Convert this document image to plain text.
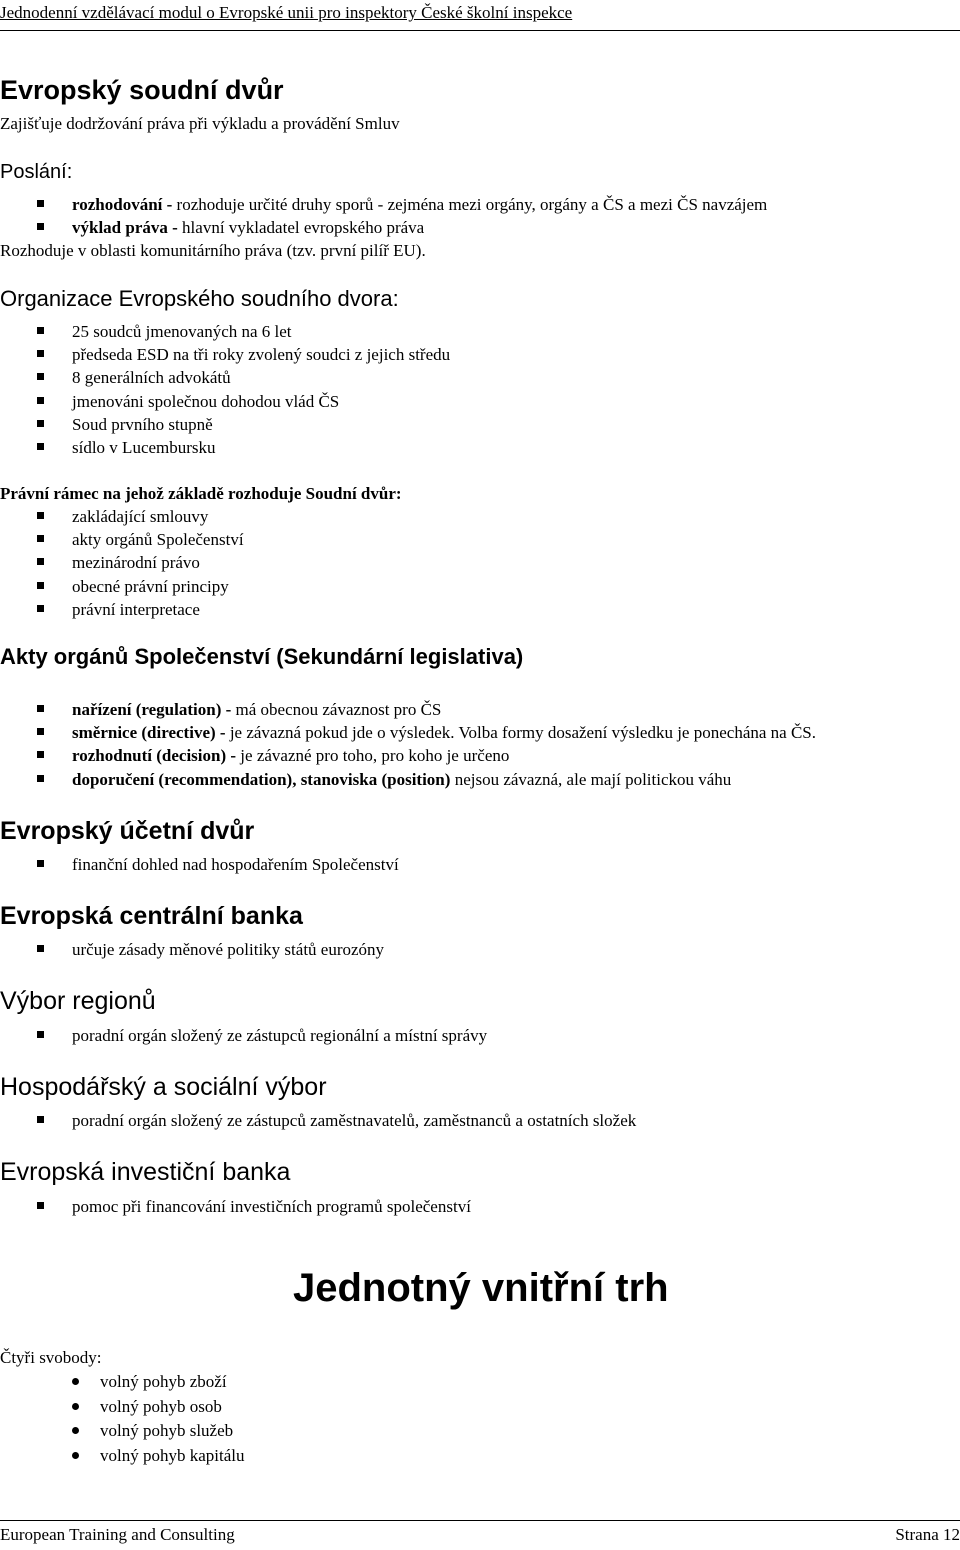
Jednodenní vzdělávací modul o Evropské unii pro inspektory České školní inspekce
Evropský soudní dvůr
Zajišťuje dodržování práva při výkladu a provádění Smluv
Poslání:
rozhodování - rozhoduje určité druhy sporů - zejména mezi orgány, orgány a ČS a mezi ČS navzájem
výklad práva - hlavní vykladatel evropského práva
Rozhoduje v oblasti komunitárního práva (tzv. první pilíř EU).
Organizace Evropského soudního dvora:
25 soudců jmenovaných na 6 let
předseda ESD na tři roky zvolený soudci z jejich středu
8 generálních advokátů
jmenováni společnou dohodou vlád ČS
Soud prvního stupně
sídlo v Lucembursku
Právní rámec na jehož základě rozhoduje Soudní dvůr:
zakládající smlouvy
akty orgánů Společenství
mezinárodní právo
obecné právní principy
právní interpretace
Akty orgánů Společenství (Sekundární legislativa)
nařízení (regulation) - má obecnou závaznost pro ČS
směrnice (directive) - je závazná pokud jde o výsledek. Volba formy dosažení výsledku je ponechána na ČS.
rozhodnutí (decision) - je závazné pro toho, pro koho je určeno
doporučení (recommendation), stanoviska (position) nejsou závazná, ale mají politickou váhu
Evropský účetní dvůr
finanční dohled nad hospodařením Společenství
Evropská centrální banka
určuje zásady měnové politiky států eurozóny
Výbor regionů
poradní orgán složený ze zástupců regionální a místní správy
Hospodářský a sociální výbor
poradní orgán složený ze zástupců zaměstnavatelů, zaměstnanců a ostatních složek
Evropská investiční banka
pomoc při financování investičních programů společenství
Jednotný vnitřní trh
Čtyři svobody:
volný pohyb zboží
volný pohyb osob
volný pohyb služeb
volný pohyb kapitálu
European Training and Consulting	Strana 12
